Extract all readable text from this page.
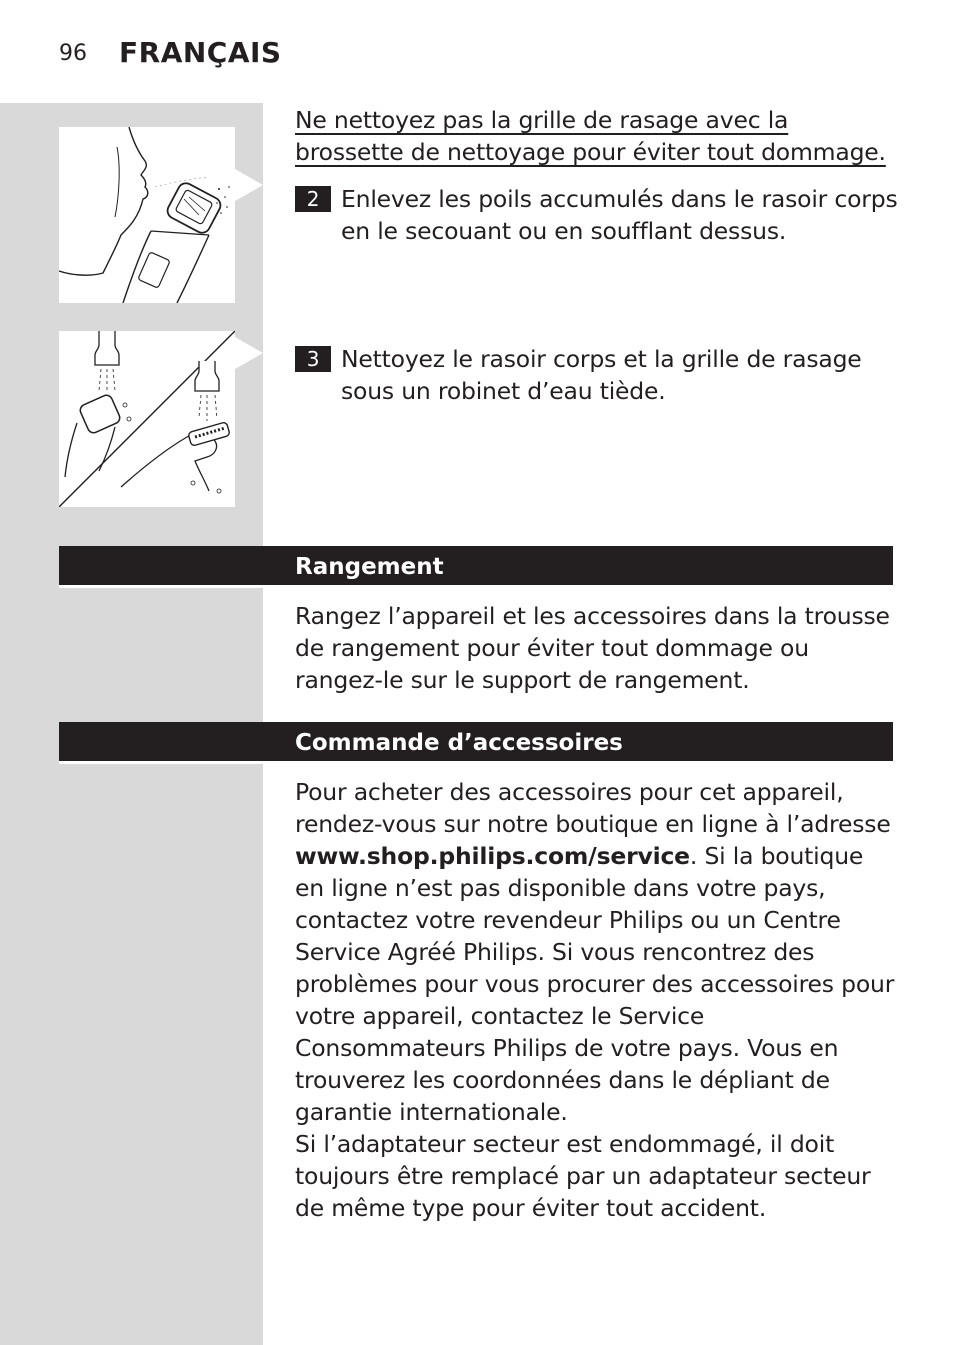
96 FRANÇAIS
Ne nettoyez pas la grille de rasage avec la brossette de nettoyage pour éviter tout dommage.
2 Enlevez les poils accumulés dans le rasoir corps en le secouant ou en soufflant dessus.
3 Nettoyez le rasoir corps et la grille de rasage sous un robinet d’eau tiède.
Rangement

Rangez l’appareil et les accessoires dans la trousse de rangement pour éviter tout dommage ou rangez-le sur le support de rangement.

Commande d’accessoires

Pour acheter des accessoires pour cet appareil, rendez-vous sur notre boutique en ligne à l’adresse www.shop.philips.com/service. Si la boutique en ligne n’est pas disponible dans votre pays, contactez votre revendeur Philips ou un Centre Service Agréé Philips. Si vous rencontrez des problèmes pour vous procurer des accessoires pour votre appareil, contactez le Service Consommateurs Philips de votre pays. Vous en trouverez les coordonnées dans le dépliant de garantie internationale.

Si l’adaptateur secteur est endommagé, il doit toujours être remplacé par un adaptateur secteur de même type pour éviter tout accident.
